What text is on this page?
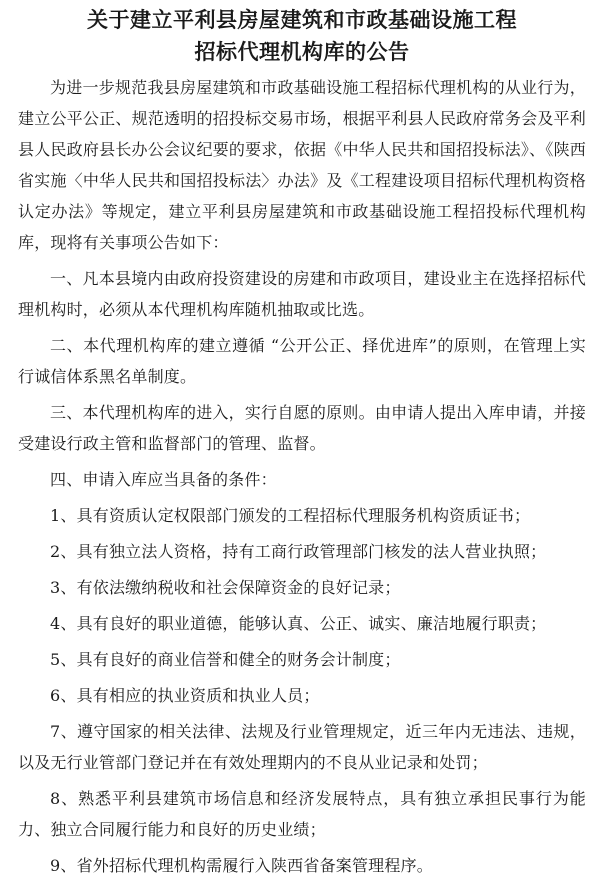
关于建立平利县房屋建筑和市政基础设施工程
招标代理机构库的公告

为进一步规范我县房屋建筑和市政基础设施工程招标代理机构的从业行为，建立公平公正、规范透明的招投标交易市场，根据平利县人民政府常务会及平利县人民政府县长办公会议纪要的要求，依据《中华人民共和国招投标法》、《陕西省实施〈中华人民共和国招投标法〉办法》及《工程建设项目招标代理机构资格认定办法》等规定，建立平利县房屋建筑和市政基础设施工程招投标代理机构库，现将有关事项公告如下：

一、凡本县境内由政府投资建设的房建和市政项目，建设业主在选择招标代理机构时，必须从本代理机构库随机抽取或比选。

二、本代理机构库的建立遵循 “公开公正、择优进库”的原则，在管理上实行诚信体系黑名单制度。

三、本代理机构库的进入，实行自愿的原则。由申请人提出入库申请，并接受建设行政主管和监督部门的管理、监督。

四、申请入库应当具备的条件：

1、具有资质认定权限部门颁发的工程招标代理服务机构资质证书；

2、具有独立法人资格，持有工商行政管理部门核发的法人营业执照；

3、有依法缴纳税收和社会保障资金的良好记录；

4、具有良好的职业道德，能够认真、公正、诚实、廉洁地履行职责；

5、具有良好的商业信誉和健全的财务会计制度；

6、具有相应的执业资质和执业人员；

7、遵守国家的相关法律、法规及行业管理规定，近三年内无违法、违规，以及无行业管部门登记并在有效处理期内的不良从业记录和处罚；

8、熟悉平利县建筑市场信息和经济发展特点，具有独立承担民事行为能力、独立合同履行能力和良好的历史业绩；

9、省外招标代理机构需履行入陕西省备案管理程序。
